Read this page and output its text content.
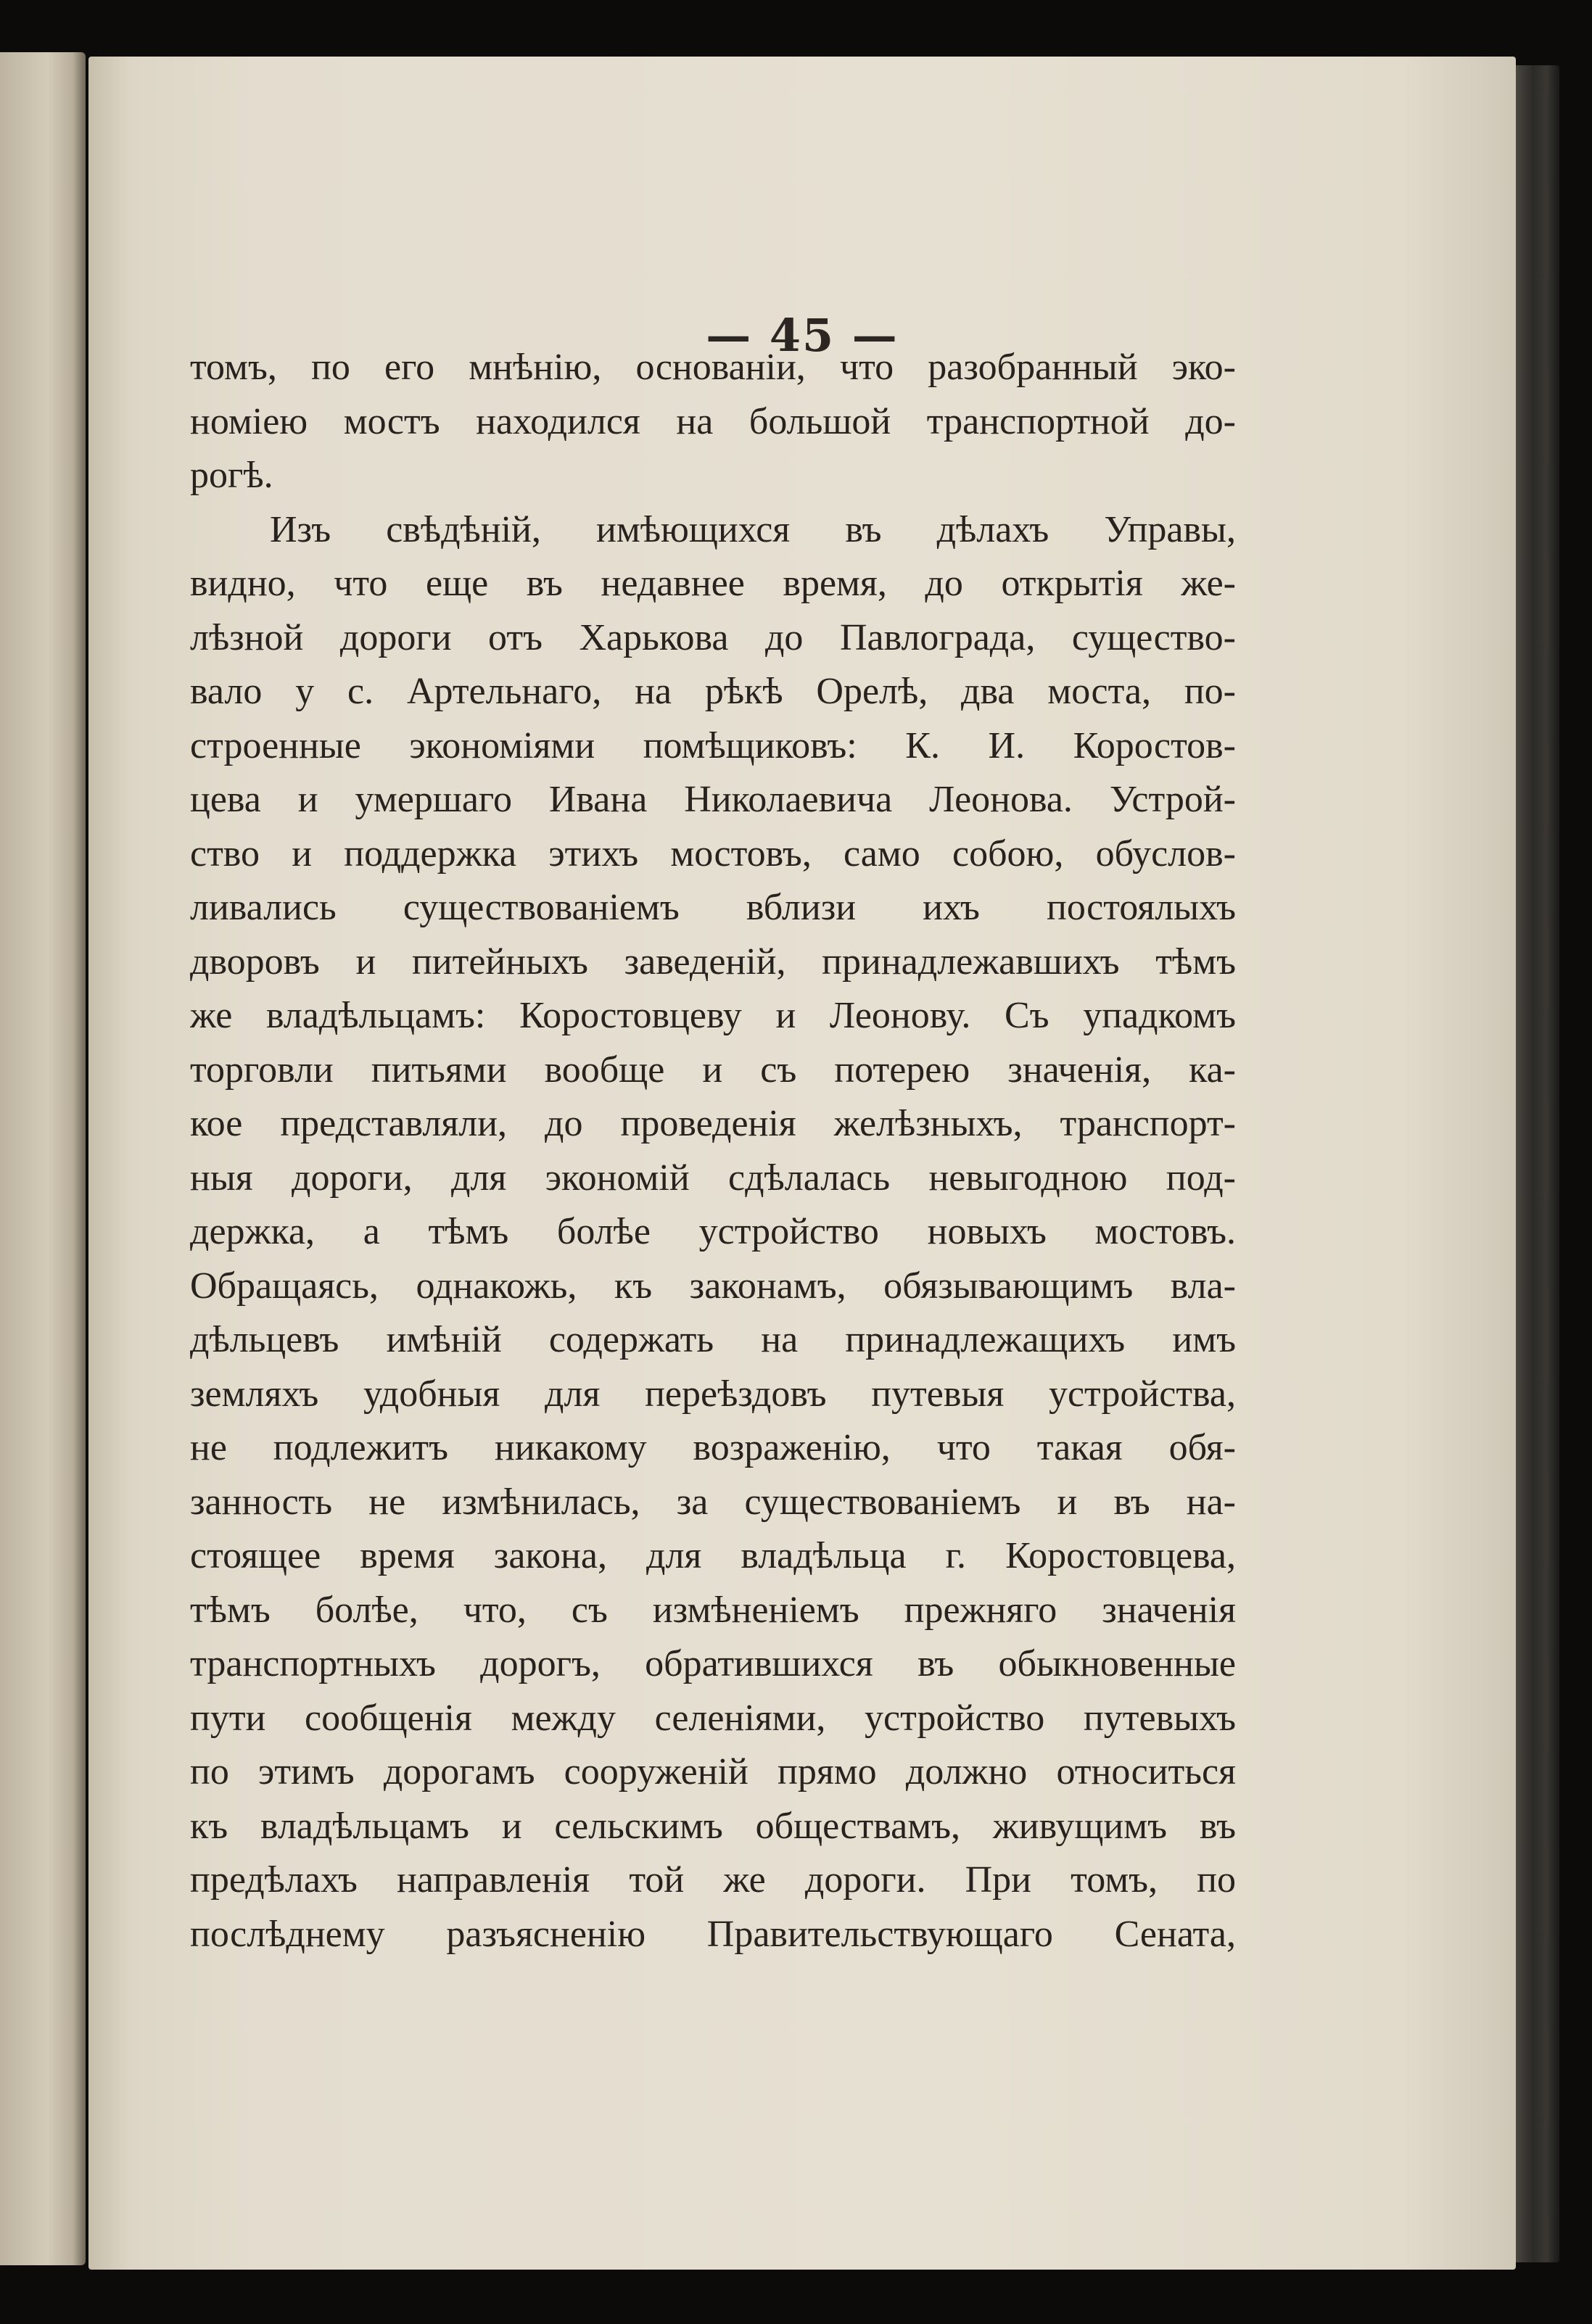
— 45 —
томъ, по его мнѣнію, основаніи, что разобранный эко-
номіею мостъ находился на большой транспортной до-
рогѣ.
Изъ свѣдѣній, имѣющихся въ дѣлахъ Управы,
видно, что еще въ недавнее время, до открытія же-
лѣзной дороги отъ Харькова до Павлограда, существо-
вало у с. Артельнаго, на рѣкѣ Орелѣ, два моста, по-
строенные экономіями помѣщиковъ: К. И. Коростов-
цева и умершаго Ивана Николаевича Леонова. Устрой-
ство и поддержка этихъ мостовъ, само собою, обуслов-
ливались существованіемъ вблизи ихъ постоялыхъ
дворовъ и питейныхъ заведеній, принадлежавшихъ тѣмъ
же владѣльцамъ: Коростовцеву и Леонову. Съ упадкомъ
торговли питьями вообще и съ потерею значенія, ка-
кое представляли, до проведенія желѣзныхъ, транспорт-
ныя дороги, для экономій сдѣлалась невыгодною под-
держка, а тѣмъ болѣе устройство новыхъ мостовъ.
Обращаясь, однакожь, къ законамъ, обязывающимъ вла-
дѣльцевъ имѣній содержать на принадлежащихъ имъ
земляхъ удобныя для переѣздовъ путевыя устройства,
не подлежитъ никакому возраженію, что такая обя-
занность не измѣнилась, за существованіемъ и въ на-
стоящее время закона, для владѣльца г. Коростовцева,
тѣмъ болѣе, что, съ измѣненіемъ прежняго значенія
транспортныхъ дорогъ, обратившихся въ обыкновенные
пути сообщенія между селеніями, устройство путевыхъ
по этимъ дорогамъ сооруженій прямо должно относиться
къ владѣльцамъ и сельскимъ обществамъ, живущимъ въ
предѣлахъ направленія той же дороги. При томъ, по
послѣднему разъясненію Правительствующаго Сената,
